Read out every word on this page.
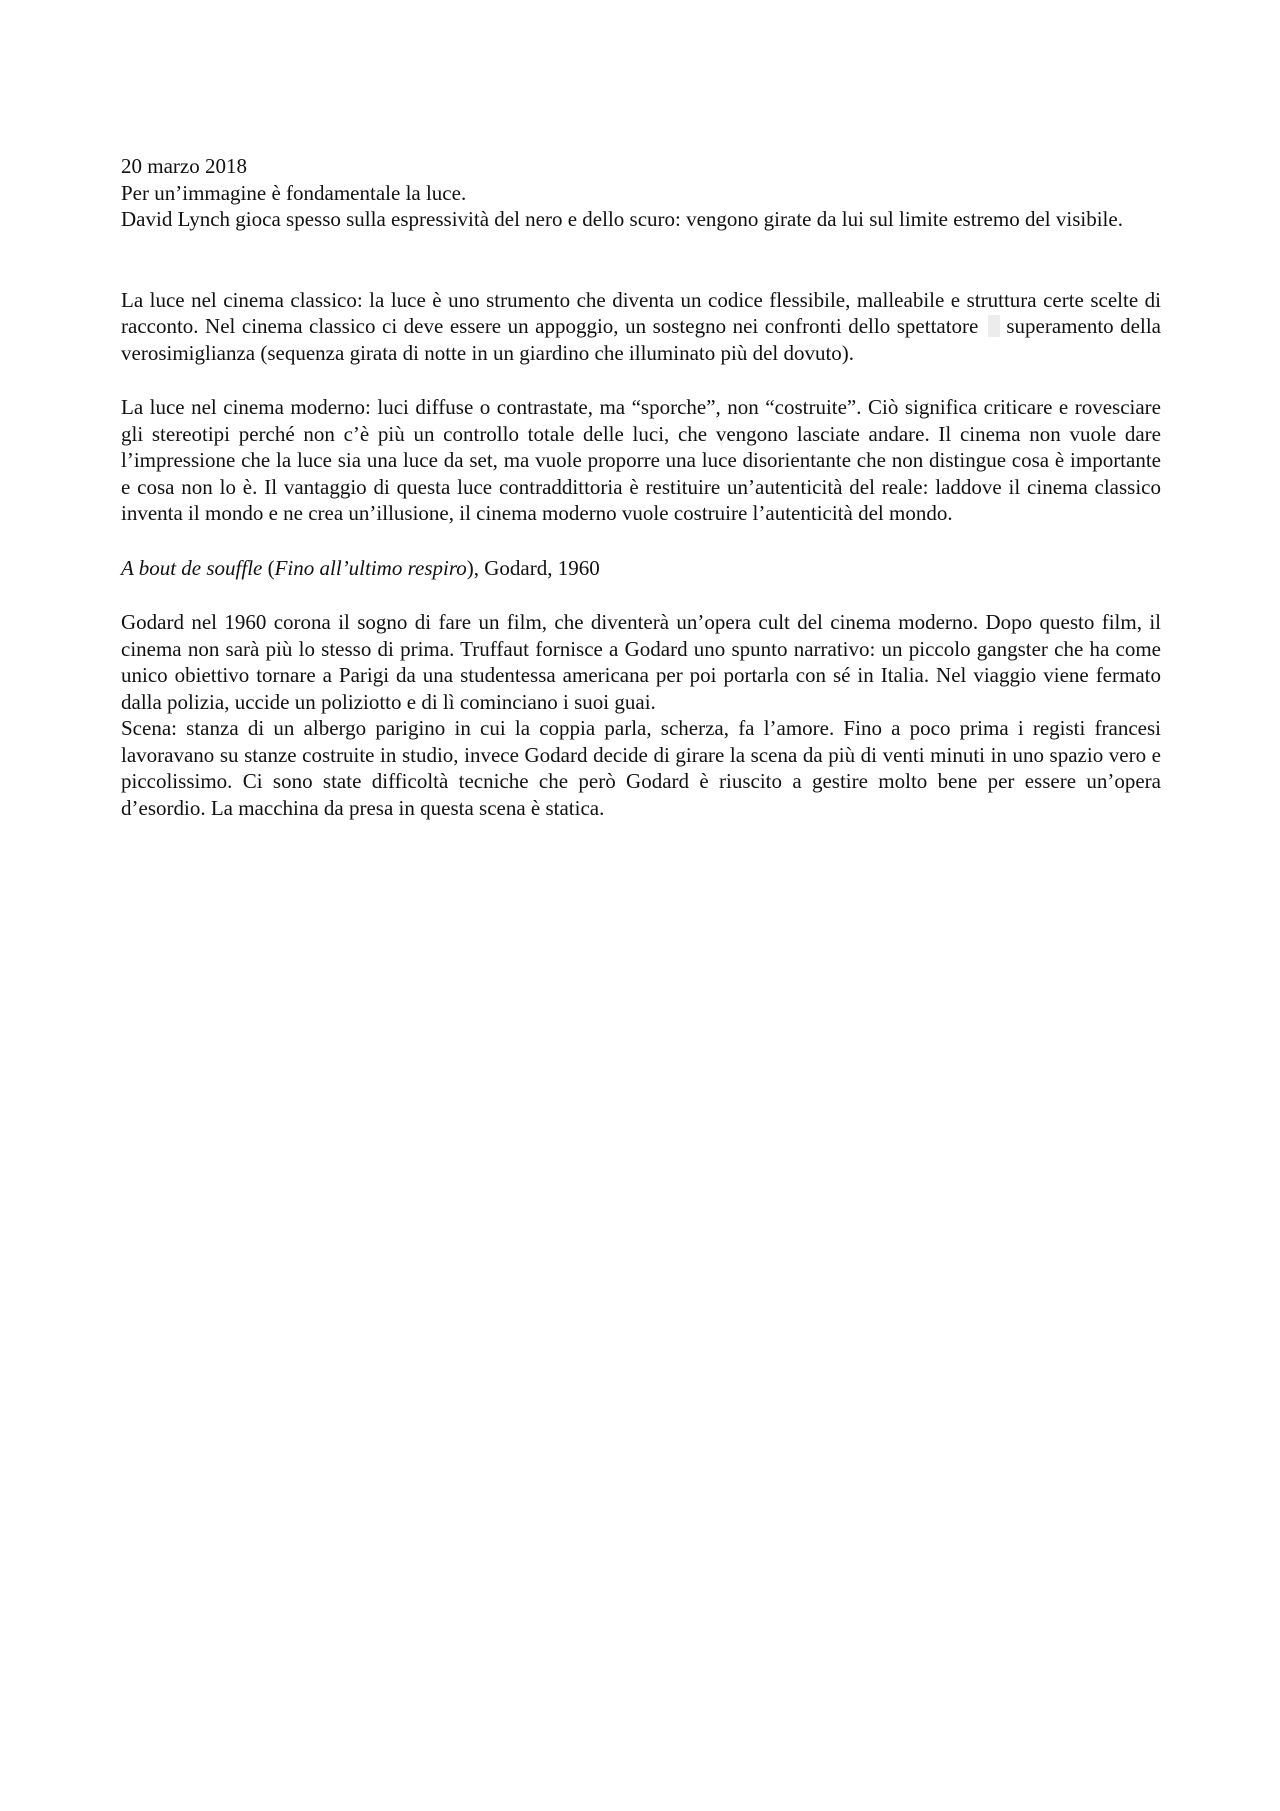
20 marzo 2018

Per un’immagine è fondamentale la luce.

David Lynch gioca spesso sulla espressività del nero e dello scuro: vengono girate da lui sul limite estremo del visibile.

La luce nel cinema classico: la luce è uno strumento che diventa un codice flessibile, malleabile e struttura certe scelte di racconto. Nel cinema classico ci deve essere un appoggio, un sostegno nei confronti dello spettatore superamento della verosimiglianza (sequenza girata di notte in un giardino che illuminato più del dovuto).

La luce nel cinema moderno: luci diffuse o contrastate, ma “sporche”, non “costruite”. Ciò significa criticare e rovesciare gli stereotipi perché non c’è più un controllo totale delle luci, che vengono lasciate andare. Il cinema non vuole dare l’impressione che la luce sia una luce da set, ma vuole proporre una luce disorientante che non distingue cosa è importante e cosa non lo è. Il vantaggio di questa luce contraddittoria è restituire un’autenticità del reale: laddove il cinema classico inventa il mondo e ne crea un’illusione, il cinema moderno vuole costruire l’autenticità del mondo.

A bout de souffle (Fino all’ultimo respiro), Godard, 1960

Godard nel 1960 corona il sogno di fare un film, che diventerà un’opera cult del cinema moderno. Dopo questo film, il cinema non sarà più lo stesso di prima. Truffaut fornisce a Godard uno spunto narrativo: un piccolo gangster che ha come unico obiettivo tornare a Parigi da una studentessa americana per poi portarla con sé in Italia. Nel viaggio viene fermato dalla polizia, uccide un poliziotto e di lì cominciano i suoi guai.

Scena: stanza di un albergo parigino in cui la coppia parla, scherza, fa l’amore. Fino a poco prima i registi francesi lavoravano su stanze costruite in studio, invece Godard decide di girare la scena da più di venti minuti in uno spazio vero e piccolissimo. Ci sono state difficoltà tecniche che però Godard è riuscito a gestire molto bene per essere un’opera d’esordio. La macchina da presa in questa scena è statica.
